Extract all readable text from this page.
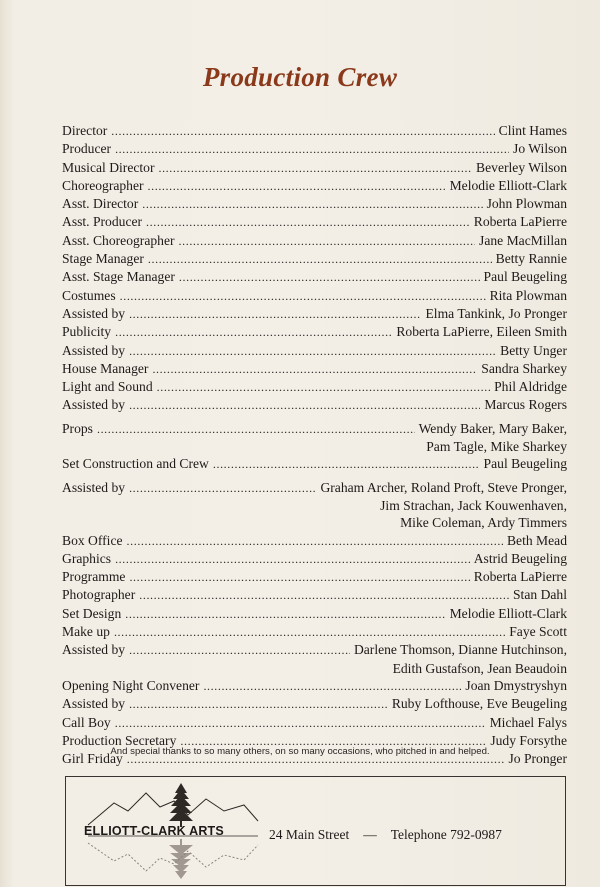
Production Crew
Director . . .	Clint Hames
Producer . . .	Jo Wilson
Musical Director . . .	Beverley Wilson
Choreographer . . .	Melodie Elliott-Clark
Asst. Director . . .	John Plowman
Asst. Producer . . .	Roberta LaPierre
Asst. Choreographer . . .	Jane MacMillan
Stage Manager . . .	Betty Rannie
Asst. Stage Manager . . .	Paul Beugeling
Costumes . . .	Rita Plowman
Assisted by . . .	Elma Tankink, Jo Pronger
Publicity . . .	Roberta LaPierre, Eileen Smith
Assisted by . . .	Betty Unger
House Manager . . .	Sandra Sharkey
Light and Sound . . .	Phil Aldridge
Assisted by . . .	Marcus Rogers
Props . . .	Wendy Baker, Mary Baker,
Pam Tagle, Mike Sharkey
Set Construction and Crew . . .	Paul Beugeling
Assisted by . . .	Graham Archer, Roland Proft, Steve Pronger,
Jim Strachan, Jack Kouwenhaven,
Mike Coleman, Ardy Timmers
Box Office . . .	Beth Mead
Graphics . . .	Astrid Beugeling
Programme . . .	Roberta LaPierre
Photographer . . .	Stan Dahl
Set Design . . .	Melodie Elliott-Clark
Make up . . .	Faye Scott
Assisted by . . .	Darlene Thomson, Dianne Hutchinson,
Edith Gustafson, Jean Beaudoin
Opening Night Convener . . .	Joan Dmystryshyn
Assisted by . . .	Ruby Lofthouse, Eve Beugeling
Call Boy . . .	Michael Falys
Production Secretary . . .	Judy Forsythe
Girl Friday . . .	Jo Pronger
And special thanks to so many others, on so many occasions, who pitched in and helped.
ELLIOTT-CLARK ARTS	24 Main Street — Telephone 792-0987
